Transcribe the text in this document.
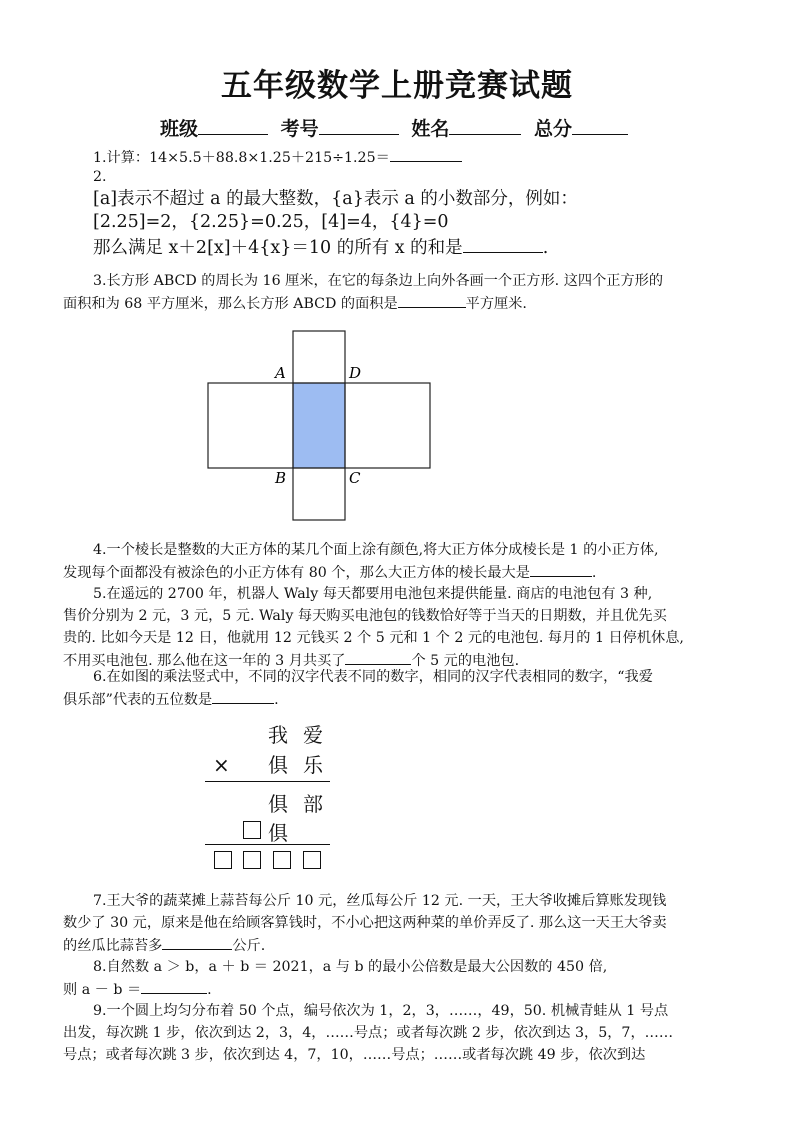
五年级数学上册竞赛试题
班级	考号	姓名	总分
1.计算：14×5.5＋88.8×1.25＋215÷1.25＝
2.
[a]表示不超过 a 的最大整数，{a}表示 a 的小数部分，例如：
[2.25]=2，{2.25}=0.25，[4]=4，{4}=0
那么满足 x＋2[x]＋4{x}＝10 的所有 x 的和是	.
3.长方形 ABCD 的周长为 16 厘米，在它的每条边上向外各画一个正方形. 这四个正方形的
面积和为 68 平方厘米，那么长方形 ABCD 的面积是	平方厘米.
A	D
B	C
4.一个棱长是整数的大正方体的某几个面上涂有颜色,将大正方体分成棱长是 1 的小正方体,
发现每个面都没有被涂色的小正方体有 80 个，那么大正方体的棱长最大是	.
5.在遥远的 2700 年，机器人 Waly 每天都要用电池包来提供能量. 商店的电池包有 3 种,
售价分别为 2 元，3 元，5 元. Waly 每天购买电池包的钱数恰好等于当天的日期数，并且优先买
贵的. 比如今天是 12 日，他就用 12 元钱买 2 个 5 元和 1 个 2 元的电池包. 每月的 1 日停机休息,
不用买电池包. 那么他在这一年的 3 月共买了	个 5 元的电池包.
6.在如图的乘法竖式中，不同的汉字代表不同的数字，相同的汉字代表相同的数字，“我爱
俱乐部”代表的五位数是	.
我 爱
× 俱 乐
俱 部
俱
7.王大爷的蔬菜摊上蒜苔每公斤 10 元，丝瓜每公斤 12 元. 一天，王大爷收摊后算账发现钱
数少了 30 元，原来是他在给顾客算钱时，不小心把这两种菜的单价弄反了. 那么这一天王大爷卖
的丝瓜比蒜苔多	公斤.
8.自然数 a ＞ b，a ＋ b ＝ 2021，a 与 b 的最小公倍数是最大公因数的 450 倍,
则 a － b ＝	.
9.一个圆上均匀分布着 50 个点，编号依次为 1，2，3，……，49，50. 机械青蛙从 1 号点
出发，每次跳 1 步，依次到达 2，3，4，……号点；或者每次跳 2 步，依次到达 3，5，7，……
号点；或者每次跳 3 步，依次到达 4，7，10，……号点；……或者每次跳 49 步，依次到达
